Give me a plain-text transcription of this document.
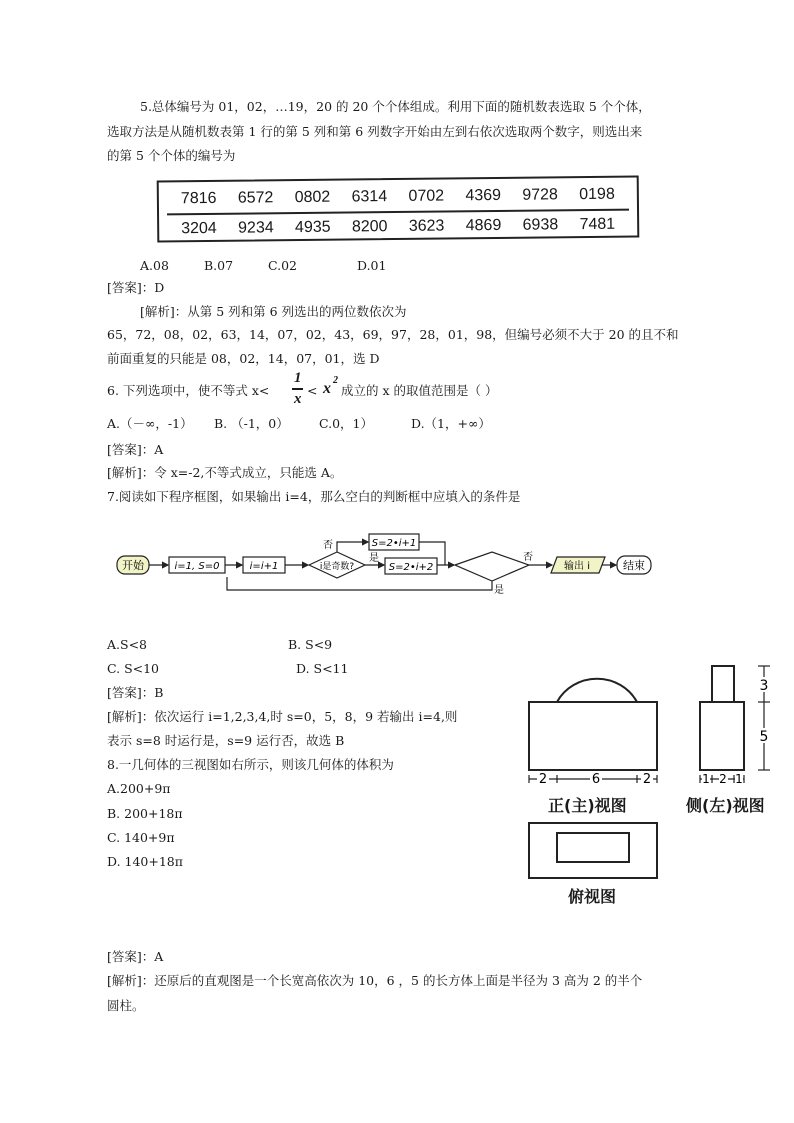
5.总体编号为 01，02，…19，20 的 20 个个体组成。利用下面的随机数表选取 5 个个体，
选取方法是从随机数表第 1 行的第 5 列和第 6 列数字开始由左到右依次选取两个数字，则选出来
的第 5 个个体的编号为
7816 6572 0802 6314 0702 4369 9728 0198
3204 9234 4935 8200 3623 4869 6938 7481
A.08	B.07	C.02	D.01
[答案]：D
[解析]：从第 5 列和第 6 列选出的两位数依次为
65，72，08，02，63，14，07，02，43，69，97，28，01，98，但编号必须不大于 20 的且不和
前面重复的只能是 08，02，14，07，01，选 D
6. 下列选项中，使不等式 x<
1
x
< x 2
成立的 x 的取值范围是（ ）
A.（－∞，-1） B. （-1，0） C.0，1）	D.（1，+∞）
[答案]：A
[解析]：令 x=-2,不等式成立，只能选 A。
7.阅读如下程序框图，如果输出 i=4，那么空白的判断框中应填入的条件是
开始	i=1, S=0	i=i+1	i是奇数?
否
是
S=2•i+1
S=2•i+2
否
是
输出 i	结束
A.S<8	B. S<9
C. S<10	D. S<11
[答案]：B
[解析]：依次运行 i=1,2,3,4,时 s=0，5，8，9 若输出 i=4,则
表示 s=8 时运行是，s=9 运行否，故选 B
8.一几何体的三视图如右所示，则该几何体的体积为
A.200+9π
B. 200+18π
C. 140+9π
D. 140+18π
2	6	2
3
5
1 2 1
正(主)视图	侧(左)视图
俯视图
[答案]：A
[解析]：还原后的直观图是一个长宽高依次为 10，6 ，5 的长方体上面是半径为 3 高为 2 的半个
圆柱。
